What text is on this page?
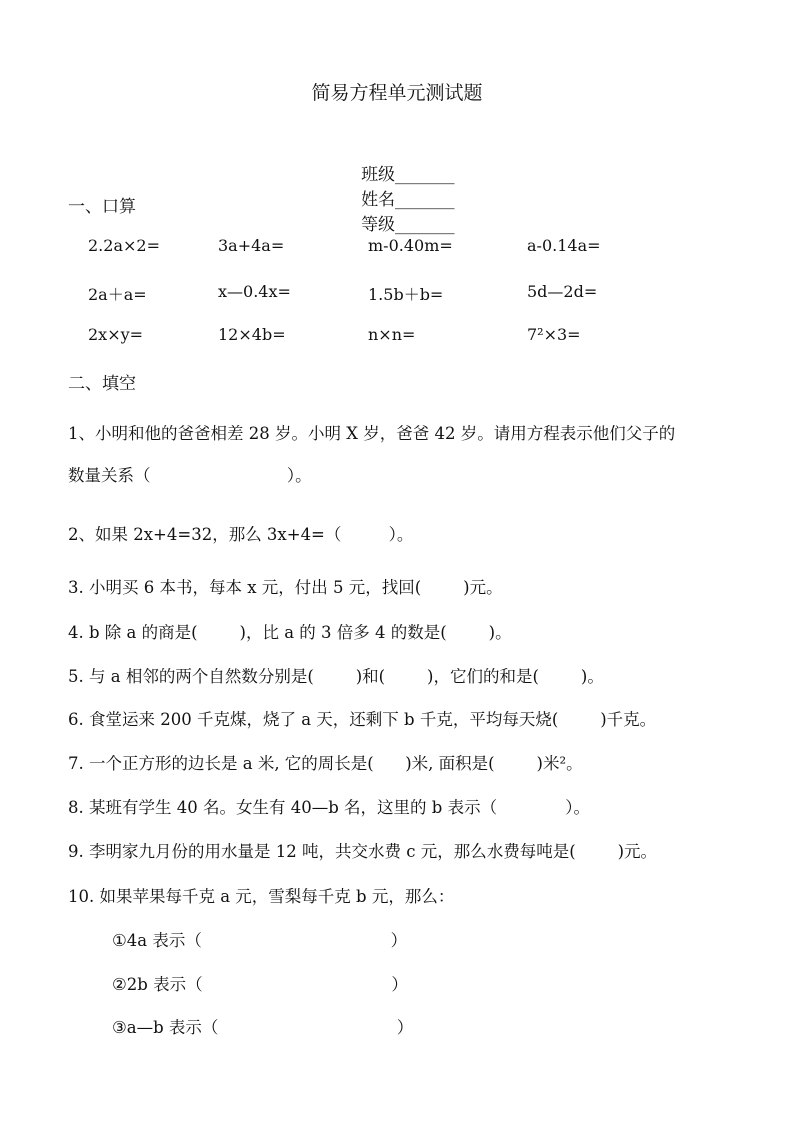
简易方程单元测试题

班级_______
姓名_______
等级_______

一、口算
2.2a×2=	3a+4a=	m-0.40m=	a-0.14a=
2a＋a=	x—0.4x=	1.5b＋b=	5d—2d=
2x×y=	12×4b=	n×n=	7²×3=
二、填空
1、小明和他的爸爸相差 28 岁。小明 X 岁，爸爸 42 岁。请用方程表示他们父子的
数量关系（                          ）。
2、如果 2x+4=32，那么 3x+4=（         ）。
3. 小明买 6 本书，每本 x 元，付出 5 元，找回(        )元。
4. b 除 a 的商是(        )，比 a 的 3 倍多 4 的数是(        )。
5. 与 a 相邻的两个自然数分别是(        )和(        )，它们的和是(        )。
6. 食堂运来 200 千克煤，烧了 a 天，还剩下 b 千克，平均每天烧(        )千克。
7. 一个正方形的边长是 a 米, 它的周长是(      )米, 面积是(        )米²。
8. 某班有学生 40 名。女生有 40—b 名，这里的 b 表示（             ）。
9. 李明家九月份的用水量是 12 吨，共交水费 c 元，那么水费每吨是(        )元。
10. 如果苹果每千克 a 元，雪梨每千克 b 元，那么：
①4a 表示（                                    ）
②2b 表示（                                    ）
③a—b 表示（                                  ）
